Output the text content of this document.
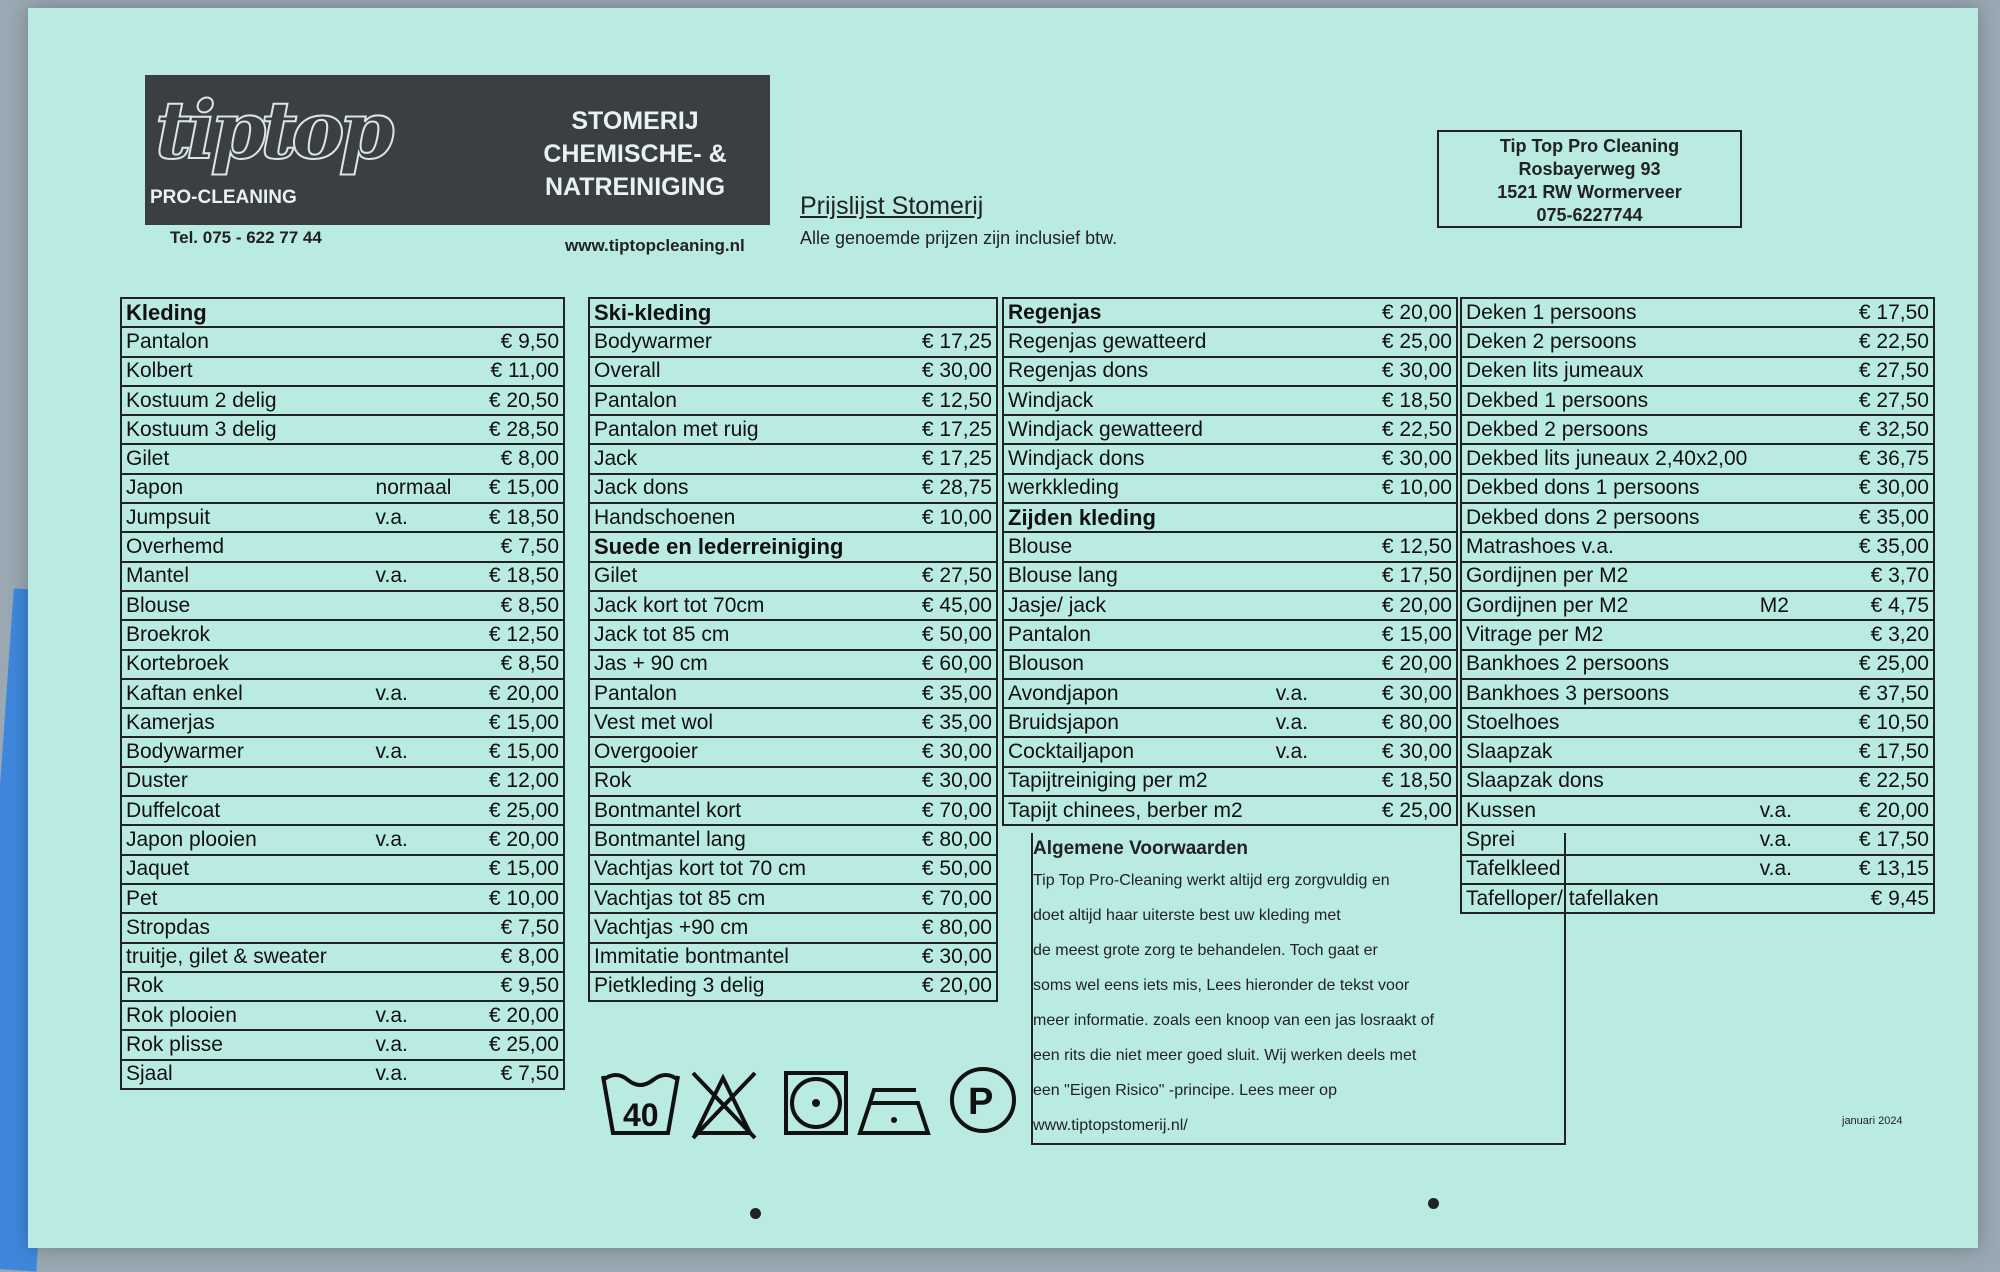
tiptop
PRO-CLEANING
STOMERIJ
CHEMISCHE- &
NATREINIGING
Tel. 075 - 622 77 44	www.tiptopcleaning.nl
Prijslijst Stomerij
Alle genoemde prijzen zijn inclusief btw.
Tip Top Pro Cleaning
Rosbayerweg 93
1521 RW Wormerveer
075-6227744
Kleding		
Pantalon		€ 9,50
Kolbert		€ 11,00
Kostuum 2 delig		€ 20,50
Kostuum 3 delig		€ 28,50
Gilet		€ 8,00
Japon	normaal	€ 15,00
Jumpsuit	v.a.	€ 18,50
Overhemd		€ 7,50
Mantel	v.a.	€ 18,50
Blouse		€ 8,50
Broekrok		€ 12,50
Kortebroek		€ 8,50
Kaftan enkel	v.a.	€ 20,00
Kamerjas		€ 15,00
Bodywarmer	v.a.	€ 15,00
Duster		€ 12,00
Duffelcoat		€ 25,00
Japon plooien	v.a.	€ 20,00
Jaquet		€ 15,00
Pet		€ 10,00
Stropdas		€ 7,50
truitje, gilet & sweater		€ 8,00
Rok		€ 9,50
Rok plooien	v.a.	€ 20,00
Rok plisse	v.a.	€ 25,00
Sjaal	v.a.	€ 7,50
Ski-kleding		
Bodywarmer		€ 17,25
Overall		€ 30,00
Pantalon		€ 12,50
Pantalon met ruig		€ 17,25
Jack		€ 17,25
Jack dons		€ 28,75
Handschoenen		€ 10,00
Suede en lederreiniging		
Gilet		€ 27,50
Jack kort tot 70cm		€ 45,00
Jack tot 85 cm		€ 50,00
Jas + 90 cm		€ 60,00
Pantalon		€ 35,00
Vest met wol		€ 35,00
Overgooier		€ 30,00
Rok		€ 30,00
Bontmantel kort		€ 70,00
Bontmantel lang		€ 80,00
Vachtjas kort tot 70 cm		€ 50,00
Vachtjas tot 85 cm		€ 70,00
Vachtjas +90 cm		€ 80,00
Immitatie bontmantel		€ 30,00
Pietkleding 3 delig		€ 20,00
Regenjas		€ 20,00
Regenjas gewatteerd		€ 25,00
Regenjas dons		€ 30,00
Windjack		€ 18,50
Windjack gewatteerd		€ 22,50
Windjack dons		€ 30,00
werkkleding		€ 10,00
Zijden kleding		
Blouse		€ 12,50
Blouse lang		€ 17,50
Jasje/ jack		€ 20,00
Pantalon		€ 15,00
Blouson		€ 20,00
Avondjapon	v.a.	€ 30,00
Bruidsjapon	v.a.	€ 80,00
Cocktailjapon	v.a.	€ 30,00
Tapijtreiniging per m2		€ 18,50
Tapijt chinees, berber m2		€ 25,00
Deken 1 persoons		€ 17,50
Deken 2 persoons		€ 22,50
Deken lits jumeaux		€ 27,50
Dekbed 1 persoons		€ 27,50
Dekbed 2 persoons		€ 32,50
Dekbed lits juneaux 2,40x2,00		€ 36,75
Dekbed dons 1 persoons		€ 30,00
Dekbed dons 2 persoons		€ 35,00
Matrashoes v.a.		€ 35,00
Gordijnen per M2		€ 3,70
Gordijnen per M2	M2	€ 4,75
Vitrage per M2		€ 3,20
Bankhoes 2 persoons		€ 25,00
Bankhoes 3 persoons		€ 37,50
Stoelhoes		€ 10,50
Slaapzak		€ 17,50
Slaapzak dons		€ 22,50
Kussen	v.a.	€ 20,00
Sprei	v.a.	€ 17,50
Tafelkleed	v.a.	€ 13,15
Tafelloper/ tafellaken		€ 9,45
Algemene Voorwaarden
Tip Top Pro-Cleaning werkt altijd erg zorgvuldig en
doet altijd haar uiterste best uw kleding met
de meest grote zorg te behandelen. Toch gaat er
soms wel eens iets mis, Lees hieronder de tekst voor
meer informatie. zoals een knoop van een jas losraakt of
een rits die niet meer goed sluit. Wij werken deels met
een "Eigen Risico" -principe. Lees meer op
www.tiptopstomerij.nl/
40	P	januari 2024
